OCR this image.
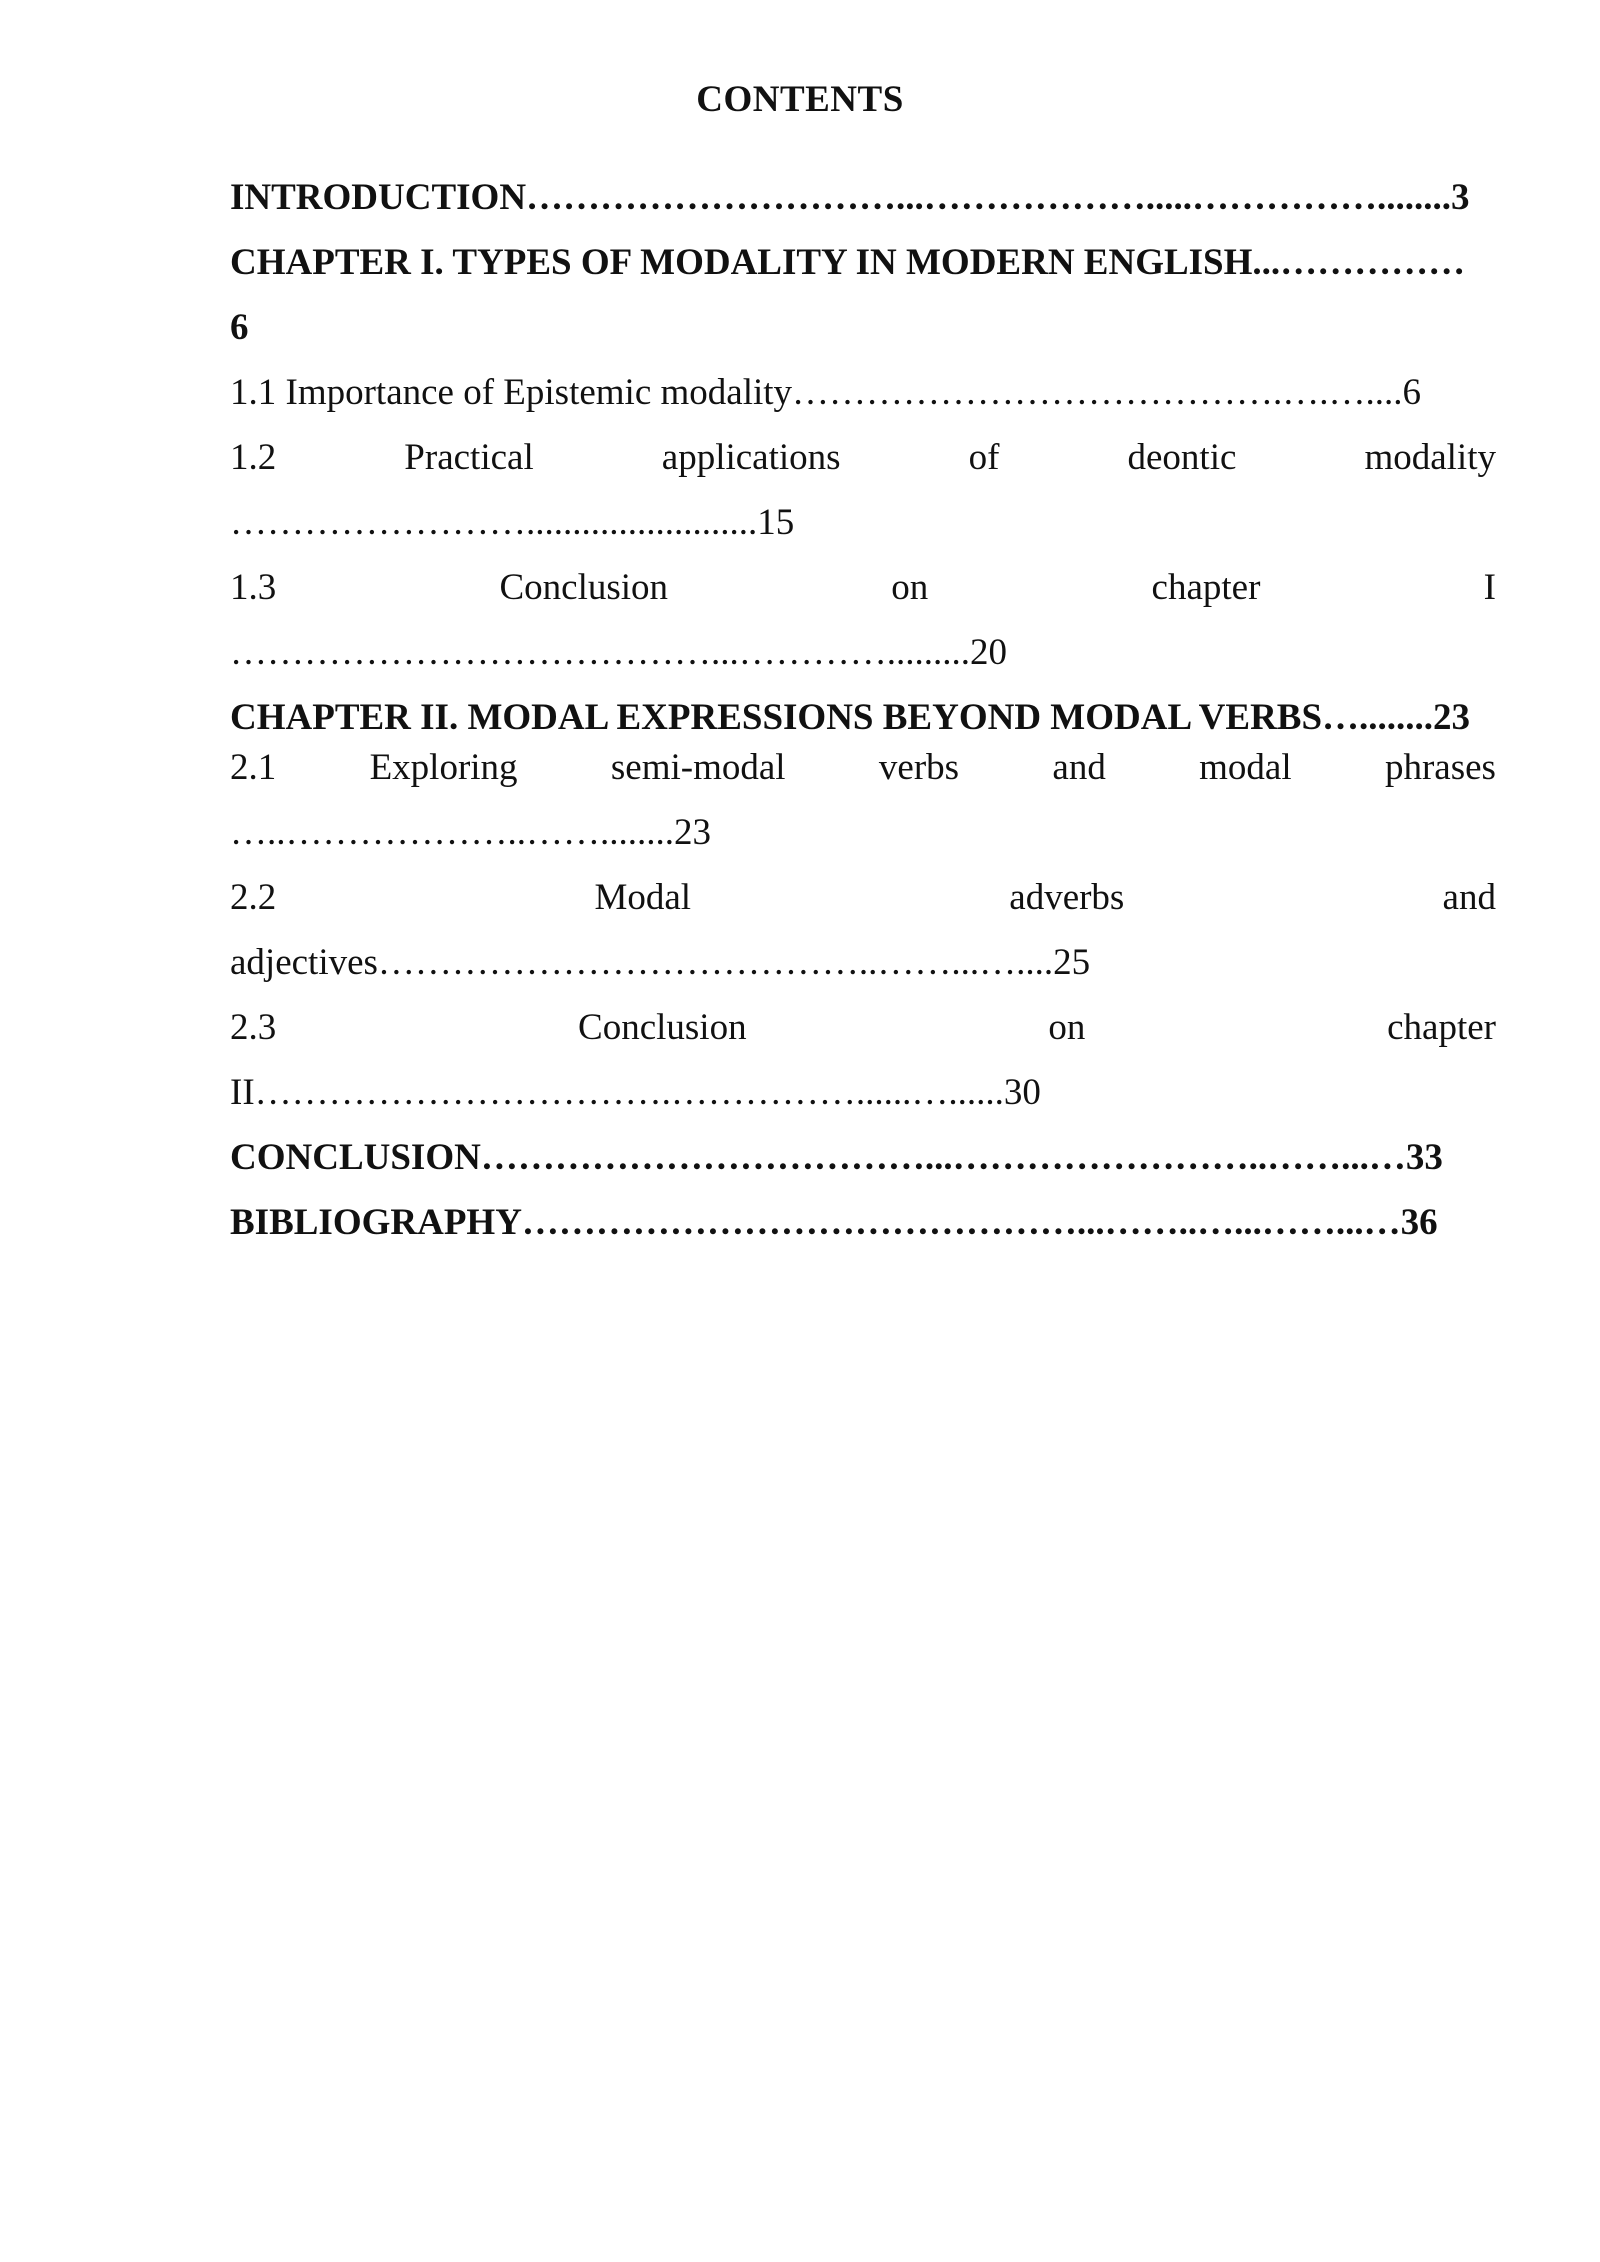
CONTENTS
INTRODUCTION…………………………...……………….....……………........3
CHAPTER I. TYPES OF MODALITY IN MODERN ENGLISH...……………
6
1.1 Importance of Epistemic modality………………………………….….…....6
1.2	Practical	applications	of	deontic	modality
…………………….........................15
1.3	Conclusion	on	chapter	I
…………………………………...………….........20
CHAPTER II. MODAL EXPRESSIONS BEYOND MODAL VERBS…........23
2.1	Exploring	semi-modal	verbs	and	modal	phrases
…..………………..……........23
2.2	Modal	adverbs	and
adjectives…………………………………..……...…....25
2.3	Conclusion	on	chapter
II…………………………….……………......…......30
CONCLUSION………………………………...……………………..……...…33
BIBLIOGRAPHY………………………………………...……..…...……...…36
